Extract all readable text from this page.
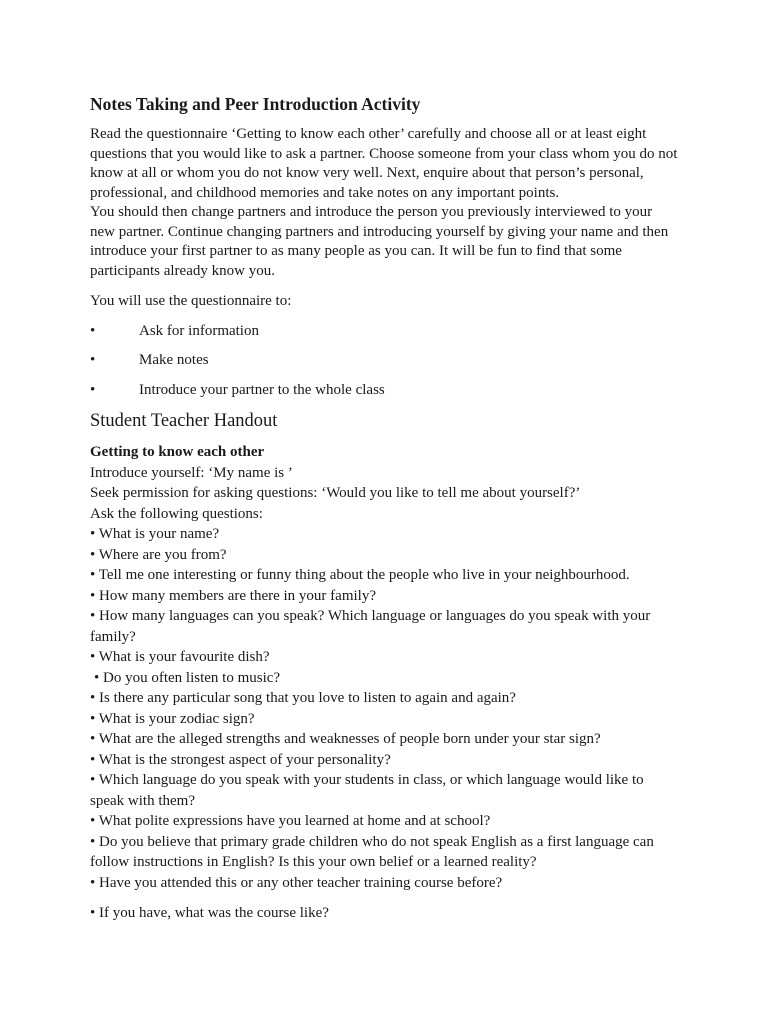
Notes Taking and Peer Introduction Activity

Read the questionnaire ‘Getting to know each other’ carefully and choose all or at least eight questions that you would like to ask a partner. Choose someone from your class whom you do not know at all or whom you do not know very well. Next, enquire about that person’s personal, professional, and childhood memories and take notes on any important points.

You should then change partners and introduce the person you previously interviewed to your new partner. Continue changing partners and introducing yourself by giving your name and then introduce your first partner to as many people as you can. It will be fun to find that some participants already know you.

You will use the questionnaire to:

•	Ask for information
•	Make notes
•	Introduce your partner to the whole class
Student Teacher Handout
Getting to know each other
Introduce yourself: ‘My name is ’
Seek permission for asking questions: ‘Would you like to tell me about yourself?’
Ask the following questions:
• What is your name?
• Where are you from?
• Tell me one interesting or funny thing about the people who live in your neighbourhood.
• How many members are there in your family?
• How many languages can you speak? Which language or languages do you speak with your family?
• What is your favourite dish?
• Do you often listen to music?
• Is there any particular song that you love to listen to again and again?
• What is your zodiac sign?
• What are the alleged strengths and weaknesses of people born under your star sign?
• What is the strongest aspect of your personality?
• Which language do you speak with your students in class, or which language would like to speak with them?
• What polite expressions have you learned at home and at school?
• Do you believe that primary grade children who do not speak English as a first language can follow instructions in English? Is this your own belief or a learned reality?
• Have you attended this or any other teacher training course before?
• If you have, what was the course like?
